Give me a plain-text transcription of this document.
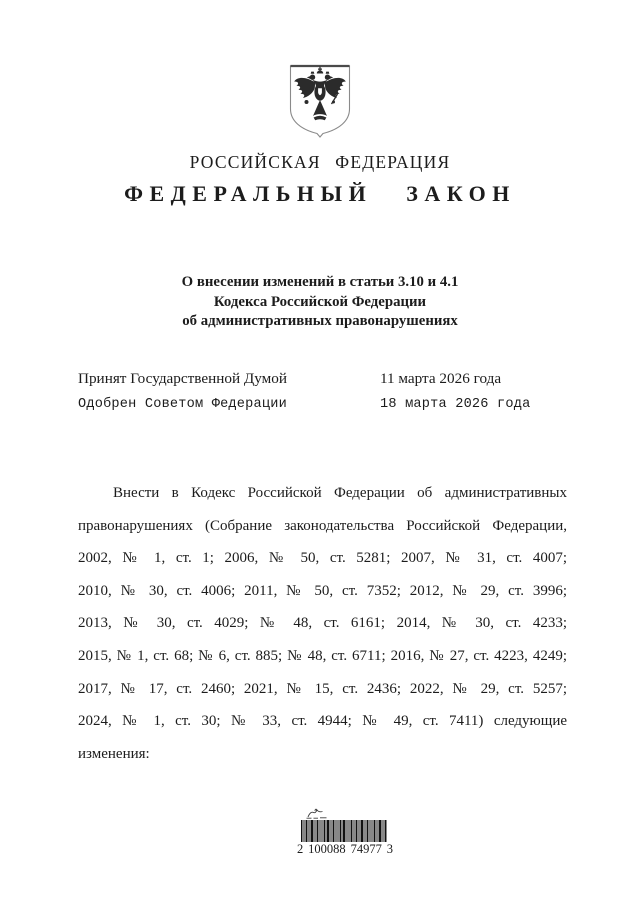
РОССИЙСКАЯ ФЕДЕРАЦИЯ
ФЕДЕРАЛЬНЫЙ ЗАКОН
О внесении изменений в статьи 3.10 и 4.1
Кодекса Российской Федерации
об административных правонарушениях
Принят Государственной Думой	11 марта 2026 года
Одобрен Советом Федерации	18 марта 2026 года
Внести в Кодекс Российской Федерации об административных
правонарушениях (Собрание законодательства Российской Федерации,
2002, № 1, ст. 1; 2006, № 50, ст. 5281; 2007, № 31, ст. 4007;
2010, № 30, ст. 4006; 2011, № 50, ст. 7352; 2012, № 29, ст. 3996;
2013, № 30, ст. 4029; № 48, ст. 6161; 2014, № 30, ст. 4233;
2015, № 1, ст. 68; № 6, ст. 885; № 48, ст. 6711; 2016, № 27, ст. 4223, 4249;
2017, № 17, ст. 2460; 2021, № 15, ст. 2436; 2022, № 29, ст. 5257;
2024, № 1, ст. 30; № 33, ст. 4944; № 49, ст. 7411) следующие
изменения:
2 100088 74977 3
